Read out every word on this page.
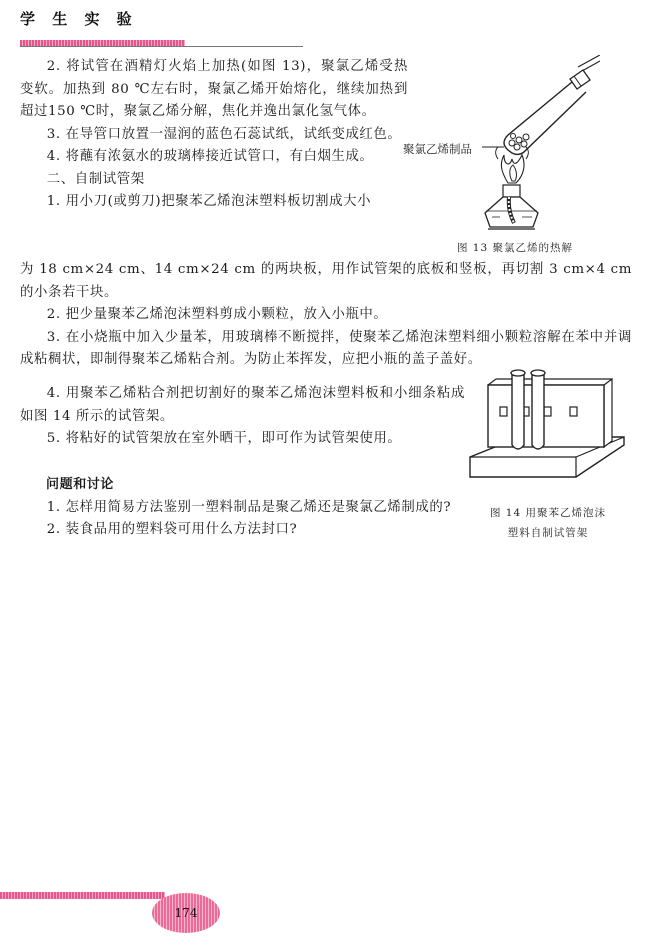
学 生 实 验

2. 将试管在酒精灯火焰上加热(如图 13)，聚氯乙烯受热变软。加热到 80 ℃左右时，聚氯乙烯开始熔化，继续加热到超过150 ℃时，聚氯乙烯分解，焦化并逸出氯化氢气体。

3. 在导管口放置一湿润的蓝色石蕊试纸，试纸变成红色。

4. 将蘸有浓氨水的玻璃棒接近试管口，有白烟生成。

二、自制试管架

1. 用小刀(或剪刀)把聚苯乙烯泡沫塑料板切割成大小

聚氯乙烯制品
图 13 聚氯乙烯的热解

为 18 cm×24 cm、14 cm×24 cm 的两块板，用作试管架的底板和竖板，再切割 3 cm×4 cm 的小条若干块。

2. 把少量聚苯乙烯泡沫塑料剪成小颗粒，放入小瓶中。

3. 在小烧瓶中加入少量苯，用玻璃棒不断搅拌，使聚苯乙烯泡沫塑料细小颗粒溶解在苯中并调成粘稠状，即制得聚苯乙烯粘合剂。为防止苯挥发，应把小瓶的盖子盖好。

4. 用聚苯乙烯粘合剂把切割好的聚苯乙烯泡沫塑料板和小细条粘成如图 14 所示的试管架。

5. 将粘好的试管架放在室外晒干，即可作为试管架使用。

问题和讨论

1. 怎样用简易方法鉴别一塑料制品是聚乙烯还是聚氯乙烯制成的?

2. 装食品用的塑料袋可用什么方法封口?

图 14 用聚苯乙烯泡沫
塑料自制试管架
174
